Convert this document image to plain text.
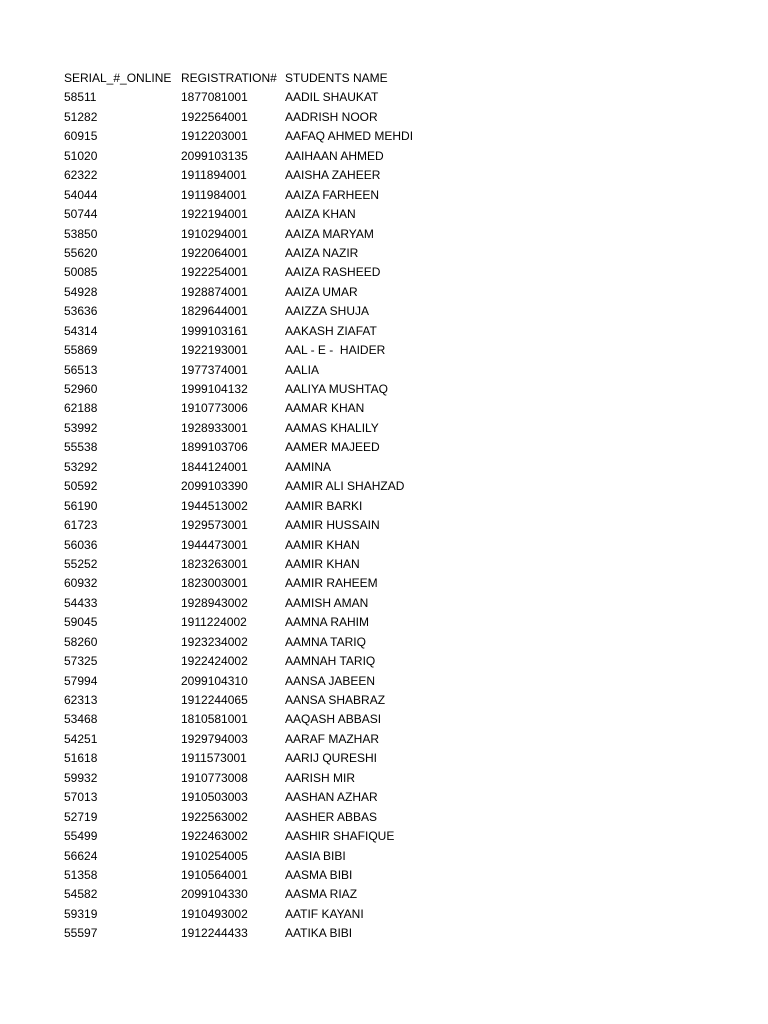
SERIAL_#_ONLINE	REGISTRATION#	STUDENTS NAME
58511	1877081001	AADIL SHAUKAT
51282	1922564001	AADRISH NOOR
60915	1912203001	AAFAQ AHMED MEHDI
51020	2099103135	AAIHAAN AHMED
62322	1911894001	AAISHA ZAHEER
54044	1911984001	AAIZA FARHEEN
50744	1922194001	AAIZA KHAN
53850	1910294001	AAIZA MARYAM
55620	1922064001	AAIZA NAZIR
50085	1922254001	AAIZA RASHEED
54928	1928874001	AAIZA UMAR
53636	1829644001	AAIZZA SHUJA
54314	1999103161	AAKASH ZIAFAT
55869	1922193001	AAL - E -  HAIDER
56513	1977374001	AALIA
52960	1999104132	AALIYA MUSHTAQ
62188	1910773006	AAMAR KHAN
53992	1928933001	AAMAS KHALILY
55538	1899103706	AAMER MAJEED
53292	1844124001	AAMINA
50592	2099103390	AAMIR ALI SHAHZAD
56190	1944513002	AAMIR BARKI
61723	1929573001	AAMIR HUSSAIN
56036	1944473001	AAMIR KHAN
55252	1823263001	AAMIR KHAN
60932	1823003001	AAMIR RAHEEM
54433	1928943002	AAMISH AMAN
59045	1911224002	AAMNA RAHIM
58260	1923234002	AAMNA TARIQ
57325	1922424002	AAMNAH TARIQ
57994	2099104310	AANSA JABEEN
62313	1912244065	AANSA SHABRAZ
53468	1810581001	AAQASH ABBASI
54251	1929794003	AARAF MAZHAR
51618	1911573001	AARIJ QURESHI
59932	1910773008	AARISH MIR
57013	1910503003	AASHAN AZHAR
52719	1922563002	AASHER ABBAS
55499	1922463002	AASHIR SHAFIQUE
56624	1910254005	AASIA BIBI
51358	1910564001	AASMA BIBI
54582	2099104330	AASMA RIAZ
59319	1910493002	AATIF KAYANI
55597	1912244433	AATIKA BIBI
